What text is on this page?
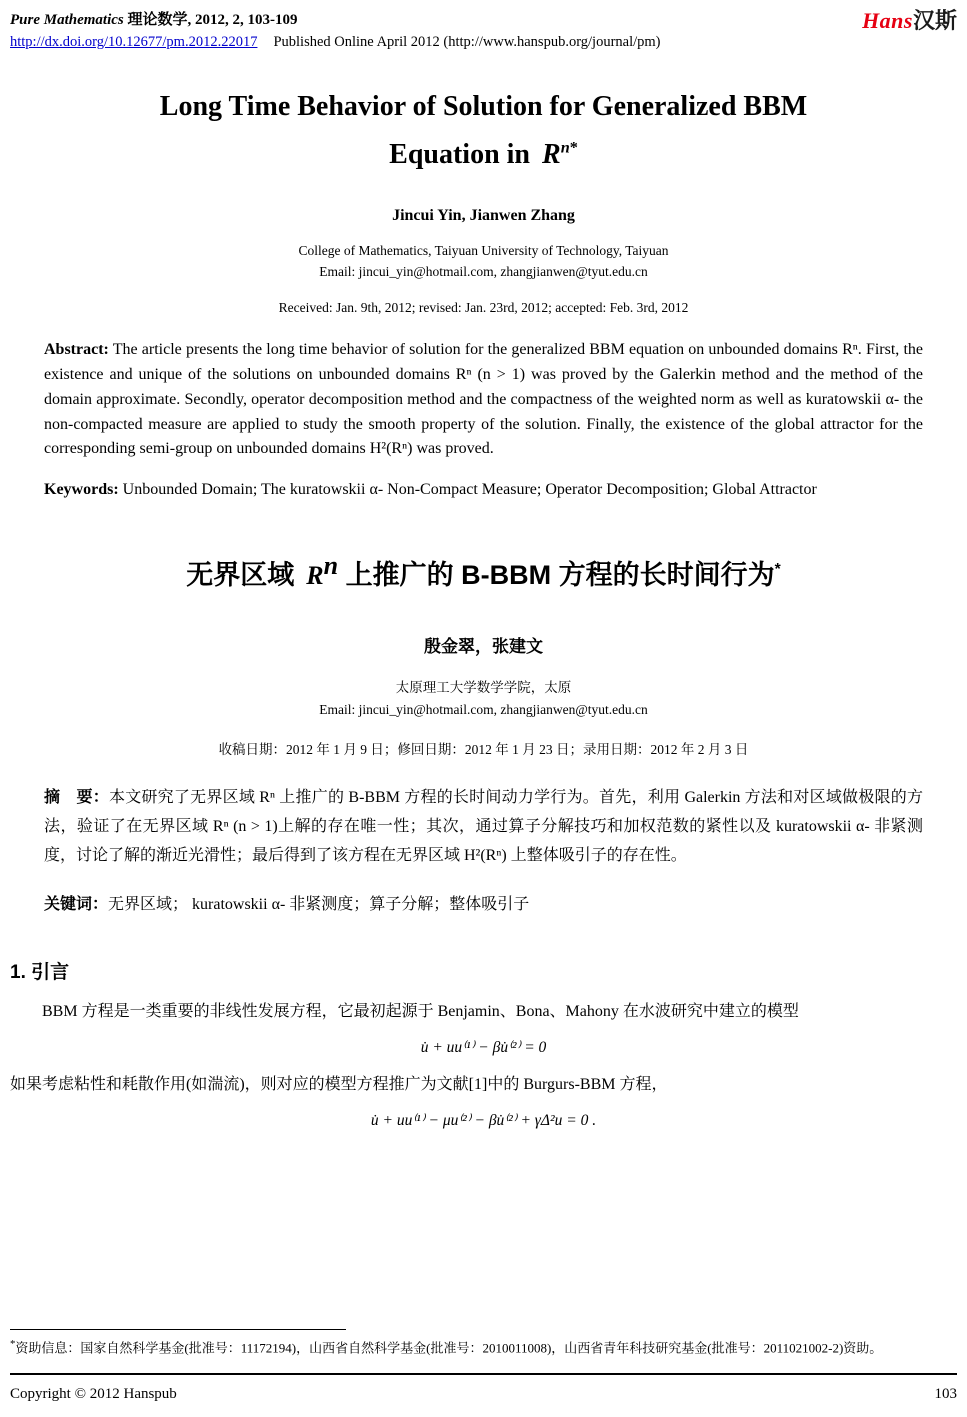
Pure Mathematics 理论数学, 2012, 2, 103-109
http://dx.doi.org/10.12677/pm.2012.22017 Published Online April 2012 (http://www.hanspub.org/journal/pm)
Hans汉斯
Long Time Behavior of Solution for Generalized BBM
Equation in $R^{n*}$
Jincui Yin, Jianwen Zhang
College of Mathematics, Taiyuan University of Technology, Taiyuan
Email: jincui_yin@hotmail.com, zhangjianwen@tyut.edu.cn
Received: Jan. 9th, 2012; revised: Jan. 23rd, 2012; accepted: Feb. 3rd, 2012

Abstract: The article presents the long time behavior of solution for the generalized BBM equation on unbounded domains Rⁿ. First, the existence and unique of the solutions on unbounded domains Rⁿ (n > 1) was proved by the Galerkin method and the method of the domain approximate. Secondly, operator decomposition method and the compactness of the weighted norm as well as kuratowskii α- the non-compacted measure are applied to study the smooth property of the solution. Finally, the existence of the global attractor for the corresponding semi-group on unbounded domains H²(Rⁿ) was proved.

Keywords: Unbounded Domain; The kuratowskii α- Non-Compact Measure; Operator Decomposition; Global Attractor

无界区域 $R^n$ 上推广的 B-BBM 方程的长时间行为*
殷金翠，张建文
太原理工大学数学学院，太原
Email: jincui_yin@hotmail.com, zhangjianwen@tyut.edu.cn
收稿日期：2012 年 1 月 9 日；修回日期：2012 年 1 月 23 日；录用日期：2012 年 2 月 3 日

摘　要：本文研究了无界区域 Rⁿ 上推广的 B-BBM 方程的长时间动力学行为。首先，利用 Galerkin 方法和对区域做极限的方法，验证了在无界区域 Rⁿ (n > 1)上解的存在唯一性；其次，通过算子分解技巧和加权范数的紧性以及 kuratowskii α- 非紧测度，讨论了解的渐近光滑性；最后得到了该方程在无界区域 H²(Rⁿ) 上整体吸引子的存在性。

关键词：无界区域； kuratowskii α- 非紧测度；算子分解；整体吸引子

1. 引言

BBM 方程是一类重要的非线性发展方程，它最初起源于 Benjamin、Bona、Mahony 在水波研究中建立的模型

u̇ + uu⁽¹⁾ − βu̇⁽²⁾ = 0

如果考虑粘性和耗散作用(如湍流)，则对应的模型方程推广为文献[1]中的 Burgurs-BBM 方程，

u̇ + uu⁽¹⁾ − μu⁽²⁾ − βu̇⁽²⁾ + γΔ²u = 0 .

*资助信息：国家自然科学基金(批准号：11172194)，山西省自然科学基金(批准号：2010011008)，山西省青年科技研究基金(批准号：2011021002-2)资助。

Copyright © 2012 Hanspub	103
